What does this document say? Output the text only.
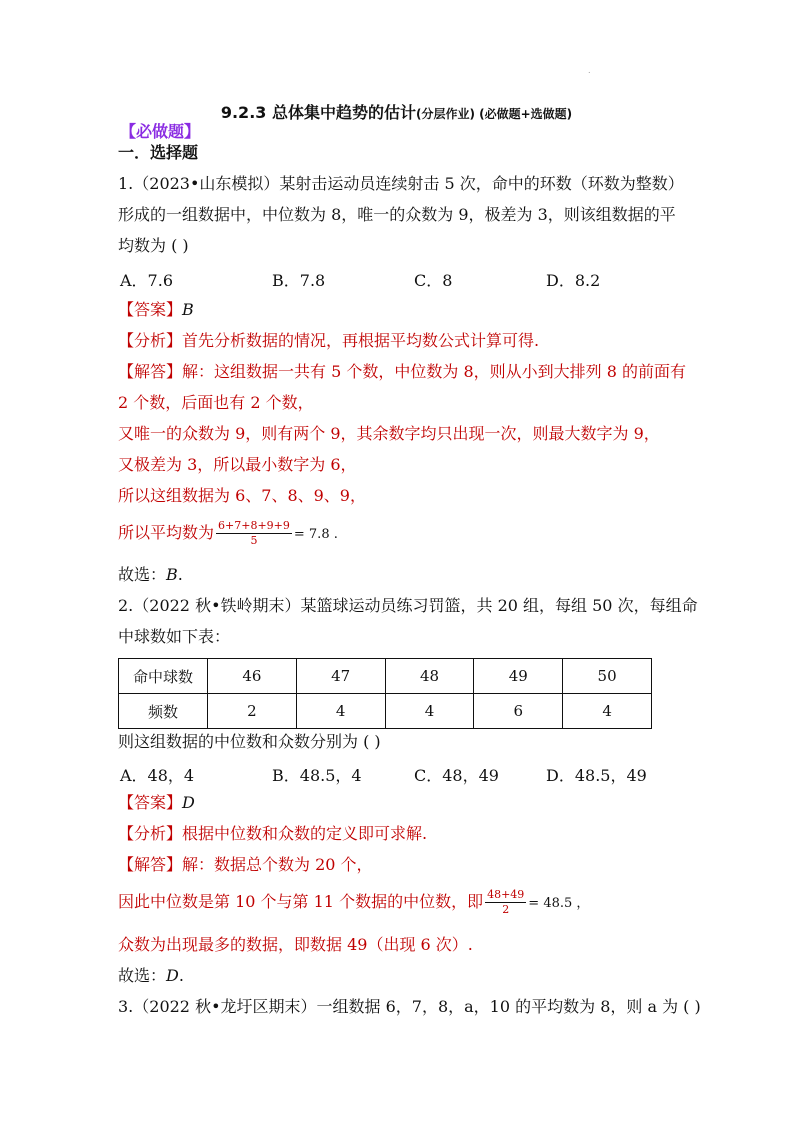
.
9.2.3 总体集中趋势的估计(分层作业) (必做题+选做题)
【必做题】
一．选择题
1.（2023•山东模拟）某射击运动员连续射击 5 次，命中的环数（环数为整数）
形成的一组数据中，中位数为 8，唯一的众数为 9，极差为 3，则该组数据的平
均数为 ( )
A．7.6	B．7.8	C．8	D．8.2
【答案】B
【分析】首先分析数据的情况，再根据平均数公式计算可得.
【解答】解：这组数据一共有 5 个数，中位数为 8，则从小到大排列 8 的前面有
2 个数，后面也有 2 个数，
又唯一的众数为 9，则有两个 9，其余数字均只出现一次，则最大数字为 9，
又极差为 3，所以最小数字为 6，
所以这组数据为 6、7、8、9、9，
所以平均数为 $\frac{6+7+8+9+9}{5} = 7.8$ .
故选：B.
2.（2022 秋•铁岭期末）某篮球运动员练习罚篮，共 20 组，每组 50 次，每组命
中球数如下表：
命中球数	46	47	48	49	50
频数	2	4	4	6	4
则这组数据的中位数和众数分别为 ( )
A．48，4	B．48.5，4	C．48，49	D．48.5，49
【答案】D
【分析】根据中位数和众数的定义即可求解.
【解答】解：数据总个数为 20 个，
因此中位数是第 10 个与第 11 个数据的中位数，即 $\frac{48+49}{2} = 48.5$ ，
众数为出现最多的数据，即数据 49（出现 6 次）.
故选：D.
3.（2022 秋•龙圩区期末）一组数据 6，7，8，a，10 的平均数为 8，则 a 为 ( )
